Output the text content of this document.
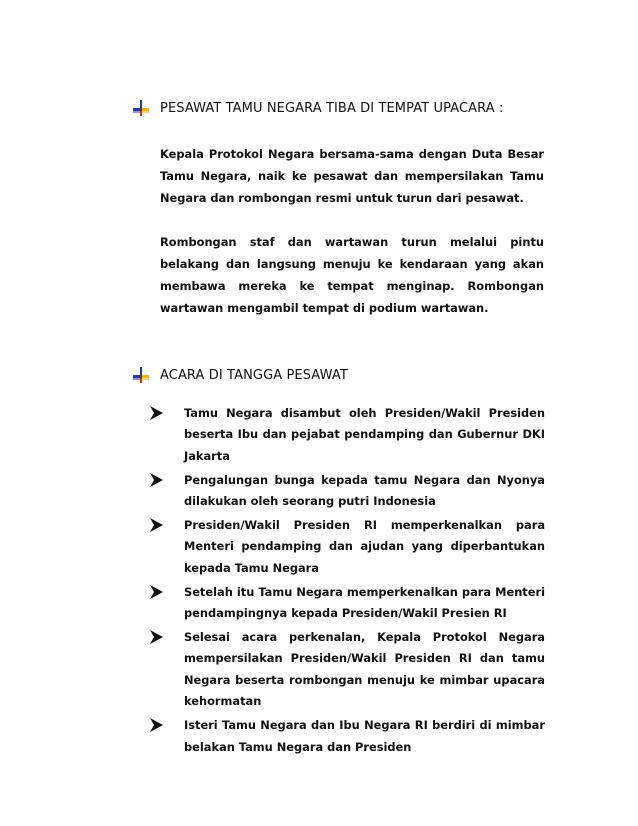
PESAWAT TAMU NEGARA TIBA DI TEMPAT UPACARA :

Kepala Protokol Negara bersama-sama dengan Duta Besar Tamu Negara, naik ke pesawat dan mempersilakan Tamu Negara dan rombongan resmi untuk turun dari pesawat.

Rombongan staf dan wartawan turun melalui pintu belakang dan langsung menuju ke kendaraan yang akan membawa mereka ke tempat menginap. Rombongan wartawan mengambil tempat di podium wartawan.

ACARA DI TANGGA PESAWAT
Tamu Negara disambut oleh Presiden/Wakil Presiden beserta Ibu dan pejabat pendamping dan Gubernur DKI Jakarta
Pengalungan bunga kepada tamu Negara dan Nyonya dilakukan oleh seorang putri Indonesia
Presiden/Wakil Presiden RI memperkenalkan para Menteri pendamping dan ajudan yang diperbantukan kepada Tamu Negara
Setelah itu Tamu Negara memperkenalkan para Menteri pendampingnya kepada Presiden/Wakil Presien RI
Selesai acara perkenalan, Kepala Protokol Negara mempersilakan Presiden/Wakil Presiden RI dan tamu Negara beserta rombongan menuju ke mimbar upacara kehormatan
Isteri Tamu Negara dan Ibu Negara RI berdiri di mimbar belakan Tamu Negara dan Presiden
